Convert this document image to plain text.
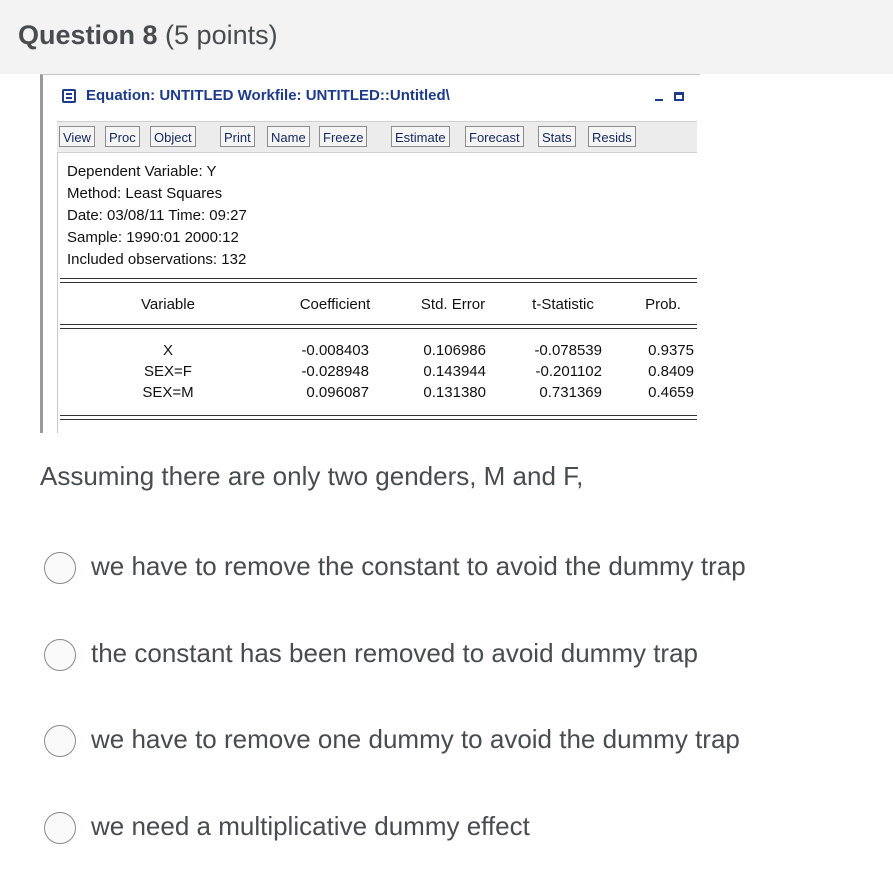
Question 8 (5 points)
Equation: UNTITLED Workfile: UNTITLED::Untitled\
View	Proc	Object	Print	Name	Freeze	Estimate	Forecast	Stats	Resids
Dependent Variable: Y
Method: Least Squares
Date: 03/08/11 Time: 09:27
Sample: 1990:01 2000:12
Included observations: 132
Variable	Coefficient	Std. Error	t-Statistic	Prob.
X	-0.008403	0.106986	-0.078539	0.9375
SEX=F	-0.028948	0.143944	-0.201102	0.8409
SEX=M	0.096087	0.131380	0.731369	0.4659
Assuming there are only two genders, M and F,
we have to remove the constant to avoid the dummy trap
the constant has been removed to avoid dummy trap
we have to remove one dummy to avoid the dummy trap
we need a multiplicative dummy effect
